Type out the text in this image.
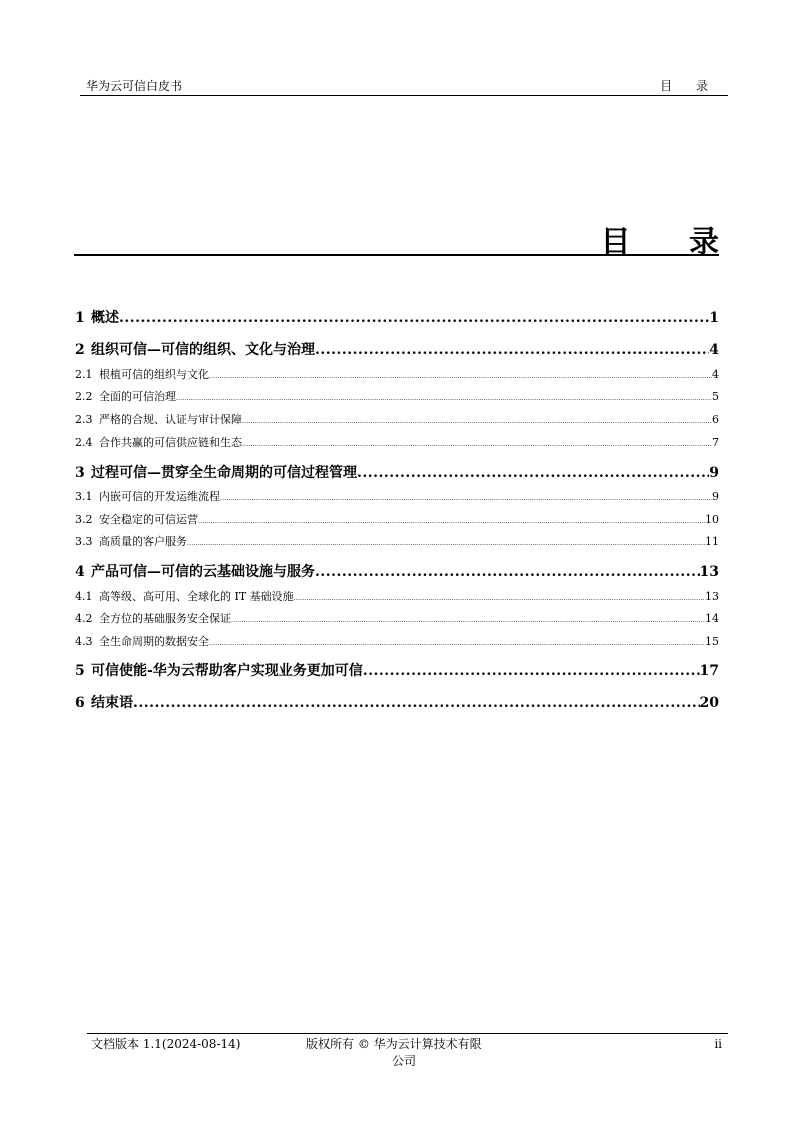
华为云可信白皮书	目 录
目 录
1 概述 .....	1
2 组织可信—可信的组织、文化与治理 .....	4
2.1 根植可信的组织与文化 .....	4
2.2 全面的可信治理 .....	5
2.3 严格的合规、认证与审计保障 .....	6
2.4 合作共赢的可信供应链和生态 .....	7
3 过程可信—贯穿全生命周期的可信过程管理 .....	9
3.1 内嵌可信的开发运维流程 .....	9
3.2 安全稳定的可信运营 .....	10
3.3 高质量的客户服务 .....	11
4 产品可信—可信的云基础设施与服务 .....	13
4.1 高等级、高可用、全球化的 IT 基础设施 .....	13
4.2 全方位的基础服务安全保证 .....	14
4.3 全生命周期的数据安全 .....	15
5 可信使能-华为云帮助客户实现业务更加可信 .....	17
6 结束语 .....	20
文档版本 1.1(2024-08-14)	版权所有 © 华为云计算技术有限
公司
ii
